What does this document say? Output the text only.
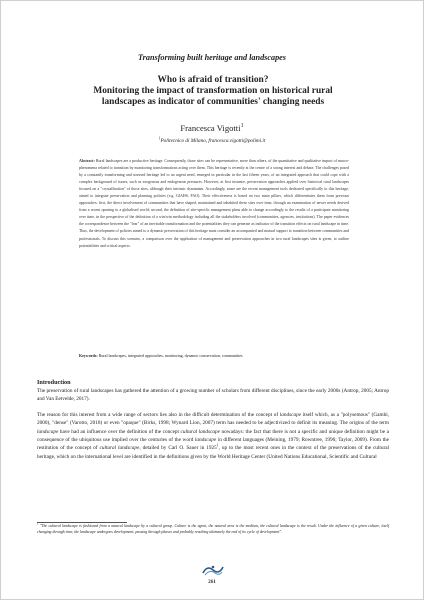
Transforming built heritage and landscapes
Who is afraid of transition?
Monitoring the impact of transformation on historical rural
landscapes as indicator of communities' changing needs
Francesca Vigotti$^1$
$^1$Politecnico di Milano, francesca.vigotti@polimi.it
Abstract: Rural landscapes are a productive heritage. Consequently, those sites can be representative, more than others, of the quantitative and qualitative impact of macro-phenomena related to transition by monitoring transformations acting over them. This heritage is recently at the centre of a strong interest and debate. The challenges posed by a constantly transforming and stressed heritage led to an urgent need, emerged in particular in the last fifteen years, of an integrated approach that could cope with a complex background of issues, such as exogenous and endogenous pressures. However, at first instance, preservation approaches applied over historical rural landscapes focused on a "crystallisation" of those sites, although their intrinsic dynamism. Accordingly, some are the recent management tools dedicated specifically to this heritage, aimed to integrate preservation and planning policies (e.g. GIAHS, FAO). Their effectiveness is based on two main pillars, which differentiates them from previous approaches: first, the direct involvement of communities that have shaped, maintained and inhabited these sites over time, through an examination of newer needs derived from a recent opening to a globalised world; second, the definition of site-specific management plans able to change accordingly to the results of a participate monitoring over time, in the perspective of the definition of a win/win methodology including all the stakeholders involved (communities, agencies, institutions). The paper evidences the correspondence between the "fear" of an inevitable transformation and the potentialities they can generate as indicator of the transition effects on rural landscape in time. Thus, the development of policies aimed to a dynamic preservation of this heritage must consider an accompanied and mutual support to transition between communities and professionals. To discuss this scenario, a comparison over the application of management and preservation approaches in two rural landscapes sites is given, to outline potentialities and critical aspects.
Keywords: Rural landscapes, integrated approaches, monitoring, dynamic conservation, communities
Introduction

The preservation of rural landscapes has gathered the attention of a growing number of scholars from different disciplines, since the early 2000s (Antrop, 2005; Antrop and Van Eetvelde, 2017).

The reason for this interest from a wide range of sectors lies also in the difficult determination of the concept of landscape itself which, as a "polysemous" (Gambi, 2000), "dense" (Varotto, 2018) or even "opaque" (Birks, 1998; Wynard Lion, 2007) term has needed to be adjectivized to definit its meaning. The origins of the term landscape have had an influence over the definition of the concept cultural landscape nowadays: the fact that there is not a specific and unique definition might be a consequence of the ubiquitous use implied over the centuries of the word landscape in different languages (Meining, 1979; Rowntree, 1996; Taylor, 2009). From the restitution of the concept of cultural landscape, detailed by Carl O. Sauer in 1925$^1$, up to the most recent ones in the context of the preservations of the cultural heritage, which on the international level are identified in the definitions given by the World Heritage Center (United Nations Educational, Scientific and Cultural

$^1$ "The cultural landscape is fashioned from a natural landscape by a cultural group. Culture is the agent, the natural area is the medium, the cultural landscape is the result. Under the influence of a given culture, itself changing through time, the landscape undergoes development, passing through phases and probably reaching ultimately the end of its cycle of development".
261
